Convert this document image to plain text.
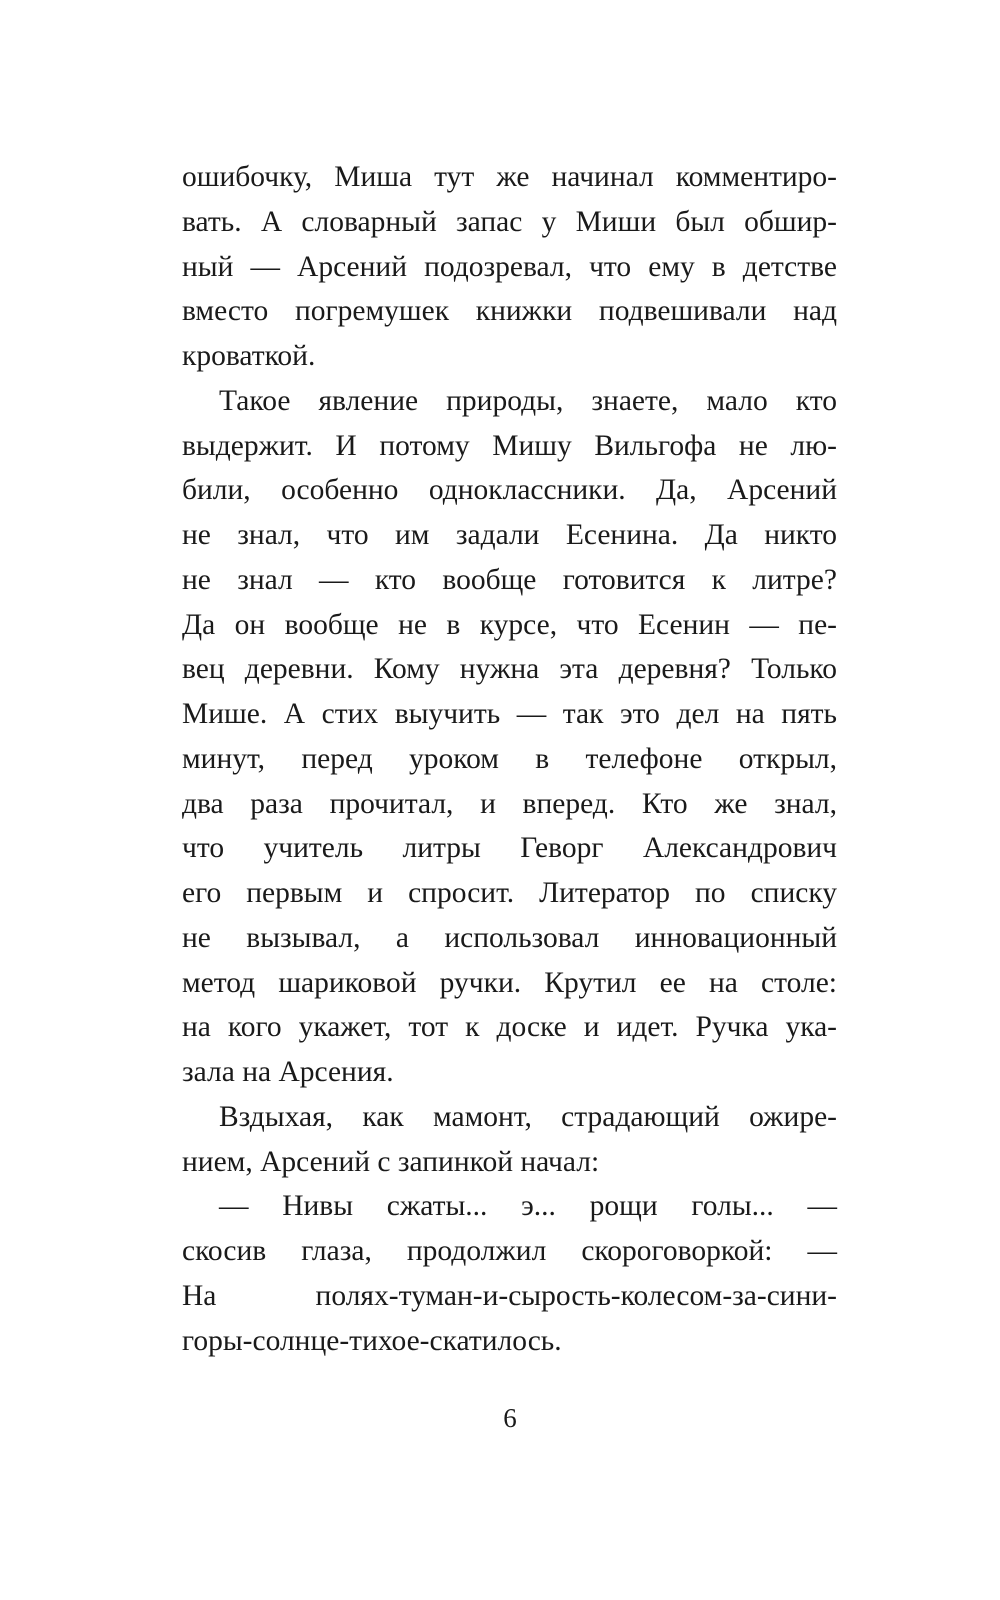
ошибочку, Миша тут же начинал комментиро-
вать. А словарный запас у Миши был обшир-
ный — Арсений подозревал, что ему в детстве
вместо погремушек книжки подвешивали над
кроваткой.
Такое явление природы, знаете, мало кто
выдержит. И потому Мишу Вильгофа не лю-
били, особенно одноклассники. Да, Арсений
не знал, что им задали Есенина. Да никто
не знал — кто вообще готовится к литре?
Да он вообще не в курсе, что Есенин — пе-
вец деревни. Кому нужна эта деревня? Только
Мише. А стих выучить — так это дел на пять
минут, перед уроком в телефоне открыл,
два раза прочитал, и вперед. Кто же знал,
что учитель литры Геворг Александрович
его первым и спросит. Литератор по списку
не вызывал, а использовал инновационный
метод шариковой ручки. Крутил ее на столе:
на кого укажет, тот к доске и идет. Ручка ука-
зала на Арсения.
Вздыхая, как мамонт, страдающий ожире-
нием, Арсений с запинкой начал:
— Нивы сжаты... э... рощи голы... —
скосив глаза, продолжил скороговоркой: —
На полях-туман-и-сырость-колесом-за-сини-
горы-солнце-тихое-скатилось.
6
